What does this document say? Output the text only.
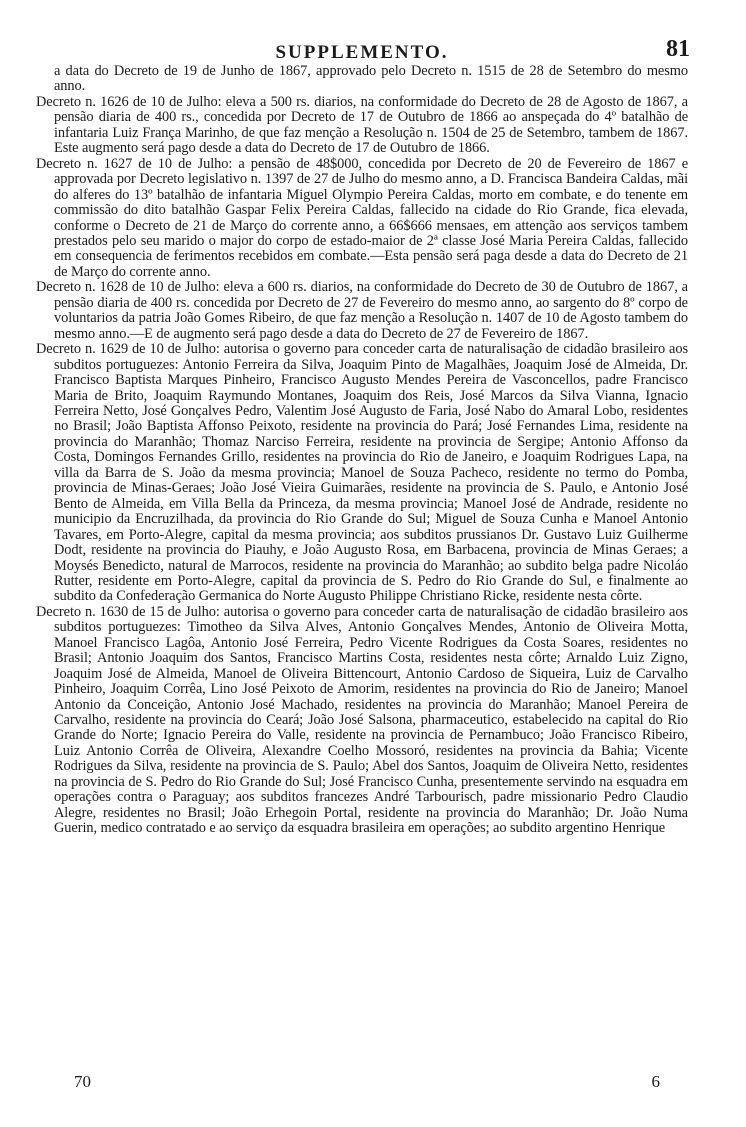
SUPPLEMENTO.	81

a data do Decreto de 19 de Junho de 1867, approvado pelo Decreto n. 1515 de 28 de Setembro do mesmo anno.

Decreto n. 1626 de 10 de Julho: eleva a 500 rs. diarios, na conformidade do Decreto de 28 de Agosto de 1867, a pensão diaria de 400 rs., concedida por Decreto de 17 de Outubro de 1866 ao anspeçada do 4º batalhão de infantaria Luiz França Marinho, de que faz menção a Resolução n. 1504 de 25 de Setembro, tambem de 1867. Este augmento será pago desde a data do Decreto de 17 de Outubro de 1866.

Decreto n. 1627 de 10 de Julho: a pensão de 48$000, concedida por Decreto de 20 de Fevereiro de 1867 e approvada por Decreto legislativo n. 1397 de 27 de Julho do mesmo anno, a D. Francisca Bandeira Caldas, mãi do alferes do 13º batalhão de infantaria Miguel Olympio Pereira Caldas, morto em combate, e do tenente em commissão do dito batalhão Gaspar Felix Pereira Caldas, fallecido na cidade do Rio Grande, fica elevada, conforme o Decreto de 21 de Março do corrente anno, a 66$666 mensaes, em attenção aos serviços tambem prestados pelo seu marido o major do corpo de estado-maior de 2ª classe José Maria Pereira Caldas, fallecido em consequencia de ferimentos recebidos em combate.—Esta pensão será paga desde a data do Decreto de 21 de Março do corrente anno.

Decreto n. 1628 de 10 de Julho: eleva a 600 rs. diarios, na conformidade do Decreto de 30 de Outubro de 1867, a pensão diaria de 400 rs. concedida por Decreto de 27 de Fevereiro do mesmo anno, ao sargento do 8º corpo de voluntarios da patria João Gomes Ribeiro, de que faz menção a Resolução n. 1407 de 10 de Agosto tambem do mesmo anno.—E de augmento será pago desde a data do Decreto de 27 de Fevereiro de 1867.

Decreto n. 1629 de 10 de Julho: autorisa o governo para conceder carta de naturalisação de cidadão brasileiro aos subditos portuguezes: Antonio Ferreira da Silva, Joaquim Pinto de Magalhães, Joaquim José de Almeida, Dr. Francisco Baptista Marques Pinheiro, Francisco Augusto Mendes Pereira de Vasconcellos, padre Francisco Maria de Brito, Joaquim Raymundo Montanes, Joaquim dos Reis, José Marcos da Silva Vianna, Ignacio Ferreira Netto, José Gonçalves Pedro, Valentim José Augusto de Faria, José Nabo do Amaral Lobo, residentes no Brasil; João Baptista Affonso Peixoto, residente na provincia do Pará; José Fernandes Lima, residente na provincia do Maranhão; Thomaz Narciso Ferreira, residente na provincia de Sergipe; Antonio Affonso da Costa, Domingos Fernandes Grillo, residentes na provincia do Rio de Janeiro, e Joaquim Rodrigues Lapa, na villa da Barra de S. João da mesma provincia; Manoel de Souza Pacheco, residente no termo do Pomba, provincia de Minas-Geraes; João José Vieira Guimarães, residente na provincia de S. Paulo, e Antonio José Bento de Almeida, em Villa Bella da Princeza, da mesma provincia; Manoel José de Andrade, residente no municipio da Encruzilhada, da provincia do Rio Grande do Sul; Miguel de Souza Cunha e Manoel Antonio Tavares, em Porto-Alegre, capital da mesma provincia; aos subditos prussianos Dr. Gustavo Luiz Guilherme Dodt, residente na provincia do Piauhy, e João Augusto Rosa, em Barbacena, provincia de Minas Geraes; a Moysés Benedicto, natural de Marrocos, residente na provincia do Maranhão; ao subdito belga padre Nicoláo Rutter, residente em Porto-Alegre, capital da provincia de S. Pedro do Rio Grande do Sul, e finalmente ao subdito da Confederação Germanica do Norte Augusto Philippe Christiano Ricke, residente nesta côrte.

Decreto n. 1630 de 15 de Julho: autorisa o governo para conceder carta de naturalisação de cidadão brasileiro aos subditos portuguezes: Timotheo da Silva Alves, Antonio Gonçalves Mendes, Antonio de Oliveira Motta, Manoel Francisco Lagôa, Antonio José Ferreira, Pedro Vicente Rodrigues da Costa Soares, residentes no Brasil; Antonio Joaquim dos Santos, Francisco Martins Costa, residentes nesta côrte; Arnaldo Luiz Zigno, Joaquim José de Almeida, Manoel de Oliveira Bittencourt, Antonio Cardoso de Siqueira, Luiz de Carvalho Pinheiro, Joaquim Corrêa, Lino José Peixoto de Amorim, residentes na provincia do Rio de Janeiro; Manoel Antonio da Conceição, Antonio José Machado, residentes na provincia do Maranhão; Manoel Pereira de Carvalho, residente na provincia do Ceará; João José Salsona, pharmaceutico, estabelecido na capital do Rio Grande do Norte; Ignacio Pereira do Valle, residente na provincia de Pernambuco; João Francisco Ribeiro, Luiz Antonio Corrêa de Oliveira, Alexandre Coelho Mossoró, residentes na provincia da Bahia; Vicente Rodrigues da Silva, residente na provincia de S. Paulo; Abel dos Santos, Joaquim de Oliveira Netto, residentes na provincia de S. Pedro do Rio Grande do Sul; José Francisco Cunha, presentemente servindo na esquadra em operações contra o Paraguay; aos subditos francezes André Tarbourisch, padre missionario Pedro Claudio Alegre, residentes no Brasil; João Erhegoin Portal, residente na provincia do Maranhão; Dr. João Numa Guerin, medico contratado e ao serviço da esquadra brasileira em operações; ao subdito argentino Henrique

70	6
